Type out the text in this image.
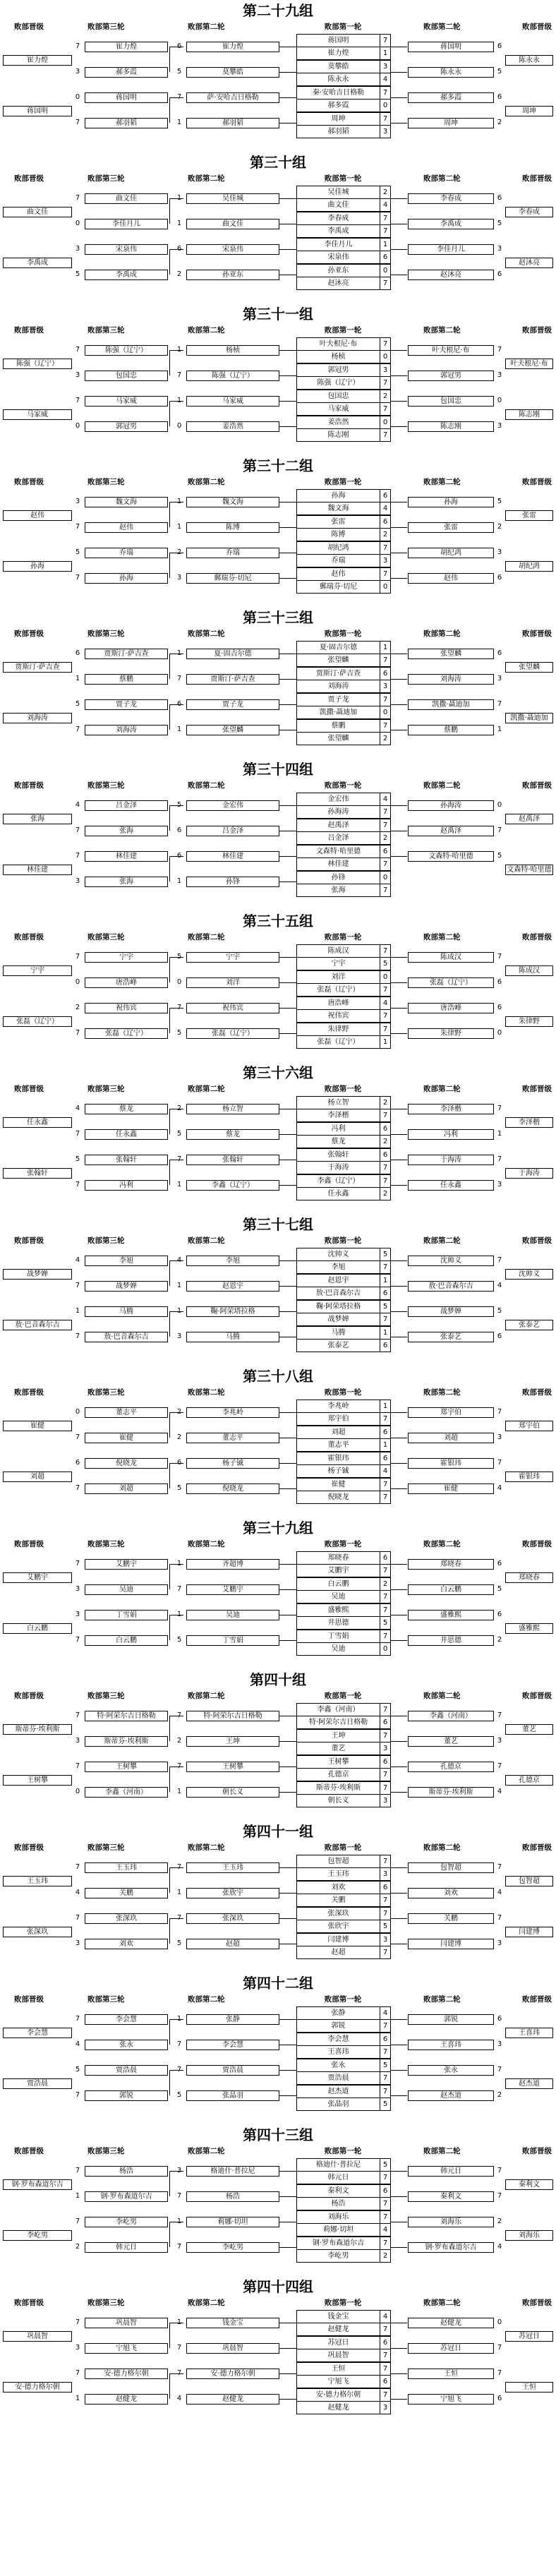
第二十九组
败部晋级	败部第三轮	败部第二轮	败部第一轮	败部第二轮	败部晋级
蒋国明	7
崔力煌	1
莫攀皓	3
陈永永	4
秦·安哈吉日格勒	7
郝多霞	0
周坤	7
郝羽韬	3
崔力煌
莫攀皓
5
萨·安哈吉日格勒
郝羽韬
1
崔力煌
7
郝多霞
3
蒋国明
0
郝羽韬
7
崔力煌
蒋国明
蒋国明	6
陈永永	5
郝多霞	6
周坤	2
陈永永
周坤
第三十组
败部晋级	败部第三轮	败部第二轮	败部第一轮	败部第二轮	败部晋级
吴佳城	2
曲文佳	4
李春成	7
李禹成	7
李佳月儿	1
宋泉伟	6
孙亚东	0
赵沐亮	7
吴佳城
曲文佳
1
宋泉伟
孙亚东
2
曲文佳
7
李佳月儿
0
宋泉伟
3
李禹成
5
曲文佳
李禹成
李春成	6
李禹成	5
李佳月儿	3
赵沐亮	6
李春成
赵沐亮
第三十一组
败部晋级	败部第三轮	败部第二轮	败部第一轮	败部第二轮	败部晋级
叶夫根尼·布	7
杨桢	0
郭冠男	3
陈强（辽宁）	7
包国忠	2
马家威	7
姜浩然	0
陈志刚	7
杨桢
陈强（辽宁）
7
马家威
姜浩然
0
陈强（辽宁）
7
包国忠
3
马家威
7
郭冠男
0
陈强（辽宁）
马家威
叶夫根尼·布	7
郭冠男	3
包国忠	0
陈志刚	3
叶夫根尼·布
陈志刚
第三十二组
败部晋级	败部第三轮	败部第二轮	败部第一轮	败部第二轮	败部晋级
孙海	6
魏文海	4
张雷	6
陈博	2
胡纪鸿	7
乔瑞	3
赵伟	7
郵瑞芬·切尼	0
魏文海
陈博
1
乔瑞
郵瑞芬·切尼
3
魏文海
3
赵伟
7
乔瑞
5
孙海
7
赵伟
孙海
孙海	5
张雷	2
胡纪鸿	3
赵伟	6
张雷
胡纪鸿
第三十三组
败部晋级	败部第三轮	败部第二轮	败部第一轮	败部第二轮	败部晋级
夏·固吉尔德	1
张望麟	7
贾斯汀·萨吉查	6
刘海涛	3
贾子龙	7
凯撒·聶迪加	0
蔡鹏	7
张望麟	2
夏·固吉尔德
贾斯汀·萨吉查
7
贾子龙
张望麟
1
贾斯汀·萨吉查
6
蔡鹏
1
贾子龙
5
刘海涛
7
贾斯汀·萨吉查
刘海涛
张望麟	6
刘海涛	3
凯撒·聶迪加	7
蔡鹏	1
张望麟
凯撒·聶迪加
第三十四组
败部晋级	败部第三轮	败部第二轮	败部第一轮	败部第二轮	败部晋级
金宏伟	4
孙海涛	7
赵禹泽	7
吕金泽	2
文森特·哈里德	6
林佳建	7
孙锋	0
张海	7
金宏伟
吕金泽
6
林佳建
孙锋
1
吕金泽
4
张海
7
林佳建
7
张海
3
张海
林佳建
孙海涛	0
赵禹泽	7
文森特·哈里德	5
赵禹泽
文森特·哈里德
第三十五组
败部晋级	败部第三轮	败部第二轮	败部第一轮	败部第二轮	败部晋级
陈成汉	7
宁宇	5
刘洋	0
张磊（辽宁）	7
唐浩峰	4
祝伟宾	7
朱律野	7
张磊（辽宁）	1
宁宇
刘洋
0
祝伟宾
张磊（辽宁）
5
宁宇
7
唐浩峰
0
祝伟宾
2
张磊（辽宁）
7
宁宇
张磊（辽宁）
陈成汉	7
张磊（辽宁）	6
唐浩峰	6
朱律野	0
陈成汉
朱律野
第三十六组
败部晋级	败部第三轮	败部第二轮	败部第一轮	败部第二轮	败部晋级
杨立智	2
李泽楷	7
冯利	6
蔡龙	2
张翰轩	6
于海涛	7
李鑫（辽宁）	7
任永鑫	2
杨立智
蔡龙
5
张翰轩
李鑫（辽宁）
1
蔡龙
4
任永鑫
7
张翰轩
5
冯利
7
任永鑫
张翰轩
李泽楷	7
冯利	1
于海涛	7
任永鑫	3
李泽楷
于海涛
第三十七组
败部晋级	败部第三轮	败部第二轮	败部第一轮	败部第二轮	败部晋级
沈帅义	5
李旭	7
赵恩宇	1
敖·巴音森尔吉	6
鞠·阿荣塔拉格	5
战梦婵	7
马腾	1
张泰艺	6
李旭
赵恩宇
1
鞠·阿荣塔拉格
马腾
3
李旭
4
战梦婵
7
马腾
1
敖·巴音森尔吉
7
战梦婵
敖·巴音森尔吉
沈帅义	7
敖·巴音森尔吉	4
战梦婵	5
张泰艺	6
沈帅义
张泰艺
第三十八组
败部晋级	败部第三轮	败部第二轮	败部第一轮	败部第二轮	败部晋级
李兆岭	1
郑宇伯	7
刘超	6
董志平	1
霍银玮	6
杨子铖	4
崔健	7
倪晓龙	7
李兆岭
董志平
2
杨子铖
倪晓龙
5
董志平
0
崔健
7
倪晓龙
6
刘超
7
崔健
刘超
郑宇伯	7
刘超	3
霍银玮	7
崔健	4
郑宇伯
霍银玮
第三十九组
败部晋级	败部第三轮	败部第二轮	败部第一轮	败部第二轮	败部晋级
郑晓春	6
艾鹏宇	7
白云鹏	2
吴迪	7
盛雅熙	7
井思德	5
丁雪娟	7
吴迪	0
齐超博
艾鹏宇
7
吴迪
丁雪娟
5
艾鹏宇
7
吴迪
3
丁雪娟
3
白云鹏
7
艾鹏宇
白云鹏
郑晓春	6
白云鹏	5
盛雅熙	6
井思德	2
郑晓春
盛雅熙
第四十组
败部晋级	败部第三轮	败部第二轮	败部第一轮	败部第二轮	败部晋级
李鑫（河南）	7
特·阿荣尔吉日格勒	6
王坤	7
董艺	3
王树攀	6
孔德京	7
斯蒂芬·埃利斯	7
朝长义	3
特·阿荣尔吉日格勒
王坤
2
王树攀
朝长义
1
特·阿荣尔吉日格勒
7
斯蒂芬·埃利斯
3
王树攀
7
李鑫（河南）
0
斯蒂芬·埃利斯
王树攀
李鑫（河南）	7
董艺	3
孔德京	7
斯蒂芬·埃利斯	4
董艺
孔德京
第四十一组
败部晋级	败部第三轮	败部第二轮	败部第一轮	败部第二轮	败部晋级
包智超	7
王玉玮	3
刘欢	6
关鹏	7
张深玖	7
张欣宇	5
闫建博	3
赵超	7
王玉玮
张欣宇
1
张深玖
赵超
5
王玉玮
7
关鹏
4
张深玖
7
刘欢
3
王玉玮
张深玖
包智超	7
刘欢	4
关鹏	7
闫建博	3
包智超
闫建博
第四十二组
败部晋级	败部第三轮	败部第二轮	败部第一轮	败部第二轮	败部晋级
张静	4
郭锐	7
李会慧	6
王喜玮	7
张永	5
贾浩晨	7
赵杰道	7
张晶羽	5
张静
李会慧
7
贾浩晨
张晶羽
5
李会慧
7
张永
4
贾浩晨
5
郭锐
7
李会慧
贾浩晨
郭锐	6
王喜玮	3
张永	7
赵杰道	2
王喜玮
赵杰道
第四十三组
败部晋级	败部第三轮	败部第二轮	败部第一轮	败部第二轮	败部晋级
格迪什·普拉尼	5
韩元日	7
秦利文	6
杨浩	7
刘海乐	7
莉娜·切坦	4
钢·罗布森道尔吉	7
李屹男	2
格迪什·普拉尼
杨浩
7
莉娜·切坦
李屹男
7
杨浩
7
钢·罗布森道尔吉
1
李屹男
7
韩元日
2
钢·罗布森道尔吉
李屹男
韩元日	7
秦利文	7
刘海乐	2
钢·罗布森道尔吉	4
秦利文
刘海乐
第四十四组
败部晋级	败部第三轮	败部第二轮	败部第一轮	败部第二轮	败部晋级
钱金宝	4
赵健龙	7
苏冠日	6
巩晨智	7
王恒	7
宁旭飞	6
安·德力格尔朝	7
赵健龙	3
钱金宝
巩晨智
7
安·德力格尔朝
赵健龙
4
巩晨智
7
宁旭飞
3
安·德力格尔朝
7
赵健龙
1
巩晨智
安·德力格尔朝
赵健龙	0
苏冠日	7
王恒	7
宁旭飞	6
苏冠日
王恒
